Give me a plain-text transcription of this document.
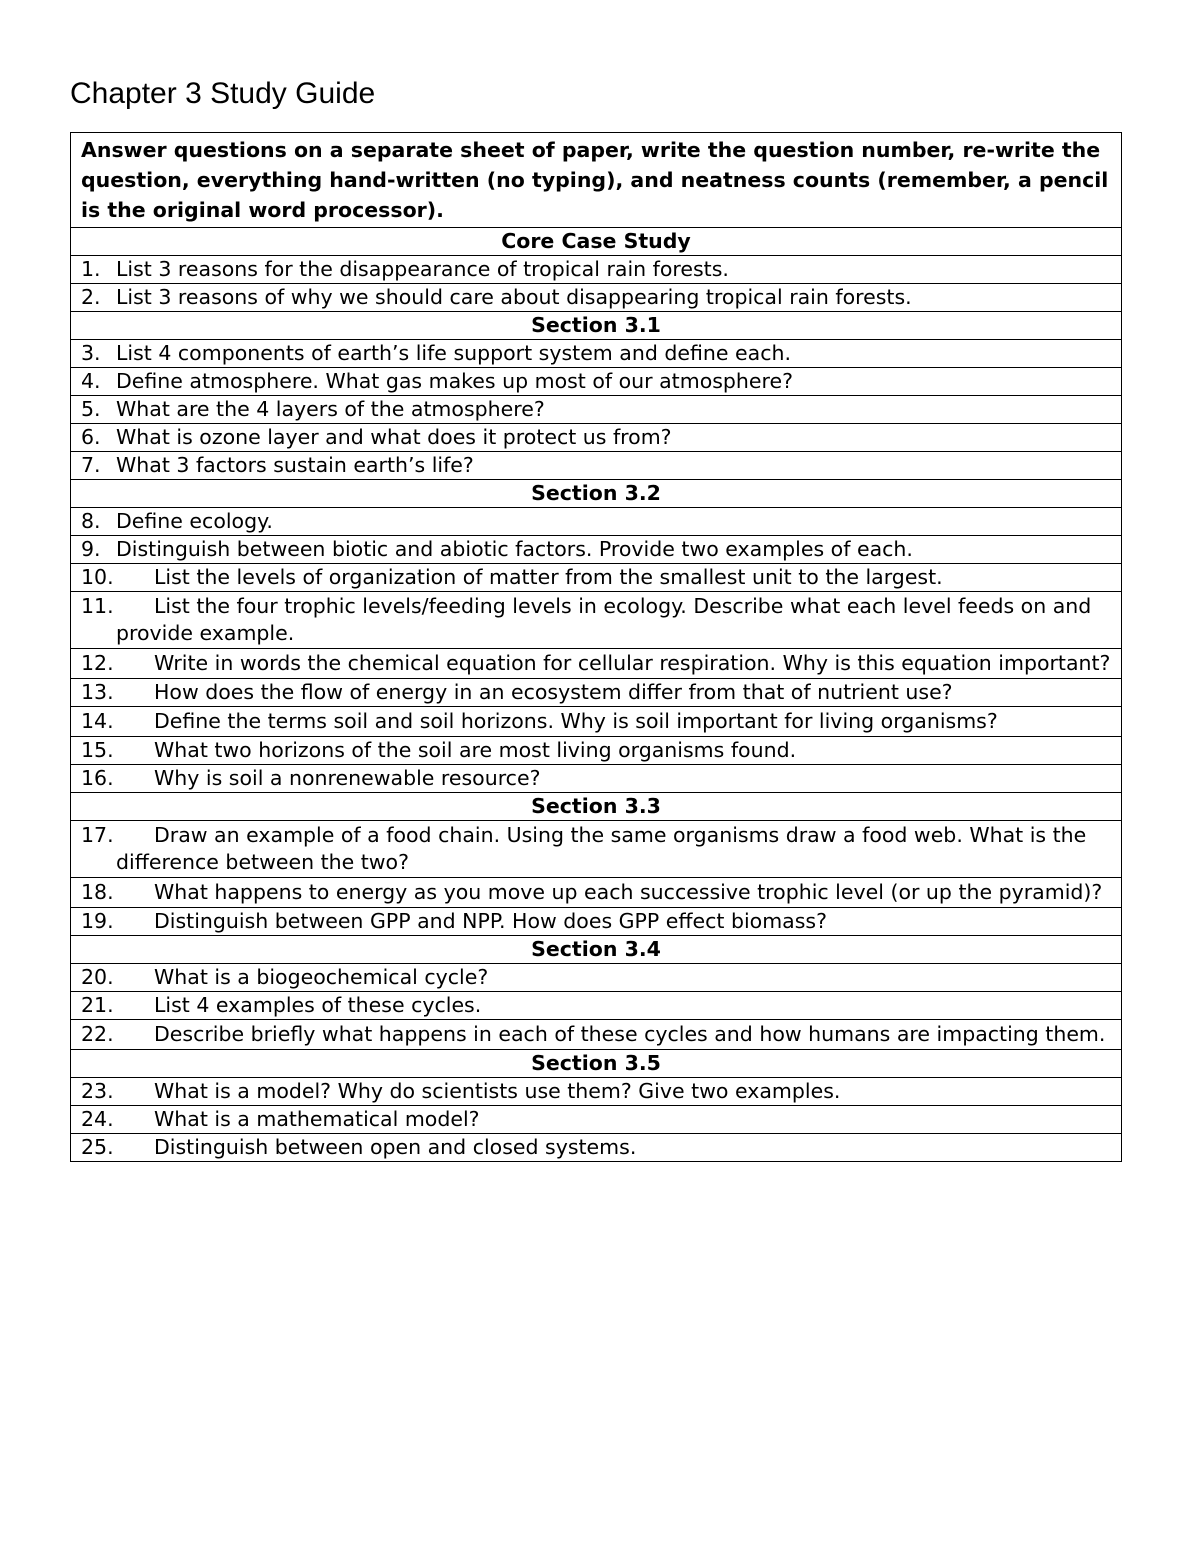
Chapter 3 Study Guide
Answer questions on a separate sheet of paper, write the question number, re-write the question, everything hand-written (no typing), and neatness counts (remember, a pencil is the original word processor).
Core Case Study

1. List 3 reasons for the disappearance of tropical rain forests.

2. List 3 reasons of why we should care about disappearing tropical rain forests.

Section 3.1

3. List 4 components of earth’s life support system and define each.

4. Define atmosphere. What gas makes up most of our atmosphere?

5. What are the 4 layers of the atmosphere?

6. What is ozone layer and what does it protect us from?

7. What 3 factors sustain earth’s life?

Section 3.2

8. Define ecology.

9. Distinguish between biotic and abiotic factors. Provide two examples of each.

10. List the levels of organization of matter from the smallest unit to the largest.

11. List the four trophic levels/feeding levels in ecology. Describe what each level feeds on and provide example.

12. Write in words the chemical equation for cellular respiration. Why is this equation important?

13. How does the flow of energy in an ecosystem differ from that of nutrient use?

14. Define the terms soil and soil horizons. Why is soil important for living organisms?

15. What two horizons of the soil are most living organisms found.

16. Why is soil a nonrenewable resource?

Section 3.3

17. Draw an example of a food chain. Using the same organisms draw a food web. What is the difference between the two?

18. What happens to energy as you move up each successive trophic level (or up the pyramid)?

19. Distinguish between GPP and NPP. How does GPP effect biomass?

Section 3.4

20. What is a biogeochemical cycle?

21. List 4 examples of these cycles.

22. Describe briefly what happens in each of these cycles and how humans are impacting them.

Section 3.5

23. What is a model? Why do scientists use them? Give two examples.

24. What is a mathematical model?

25. Distinguish between open and closed systems.
